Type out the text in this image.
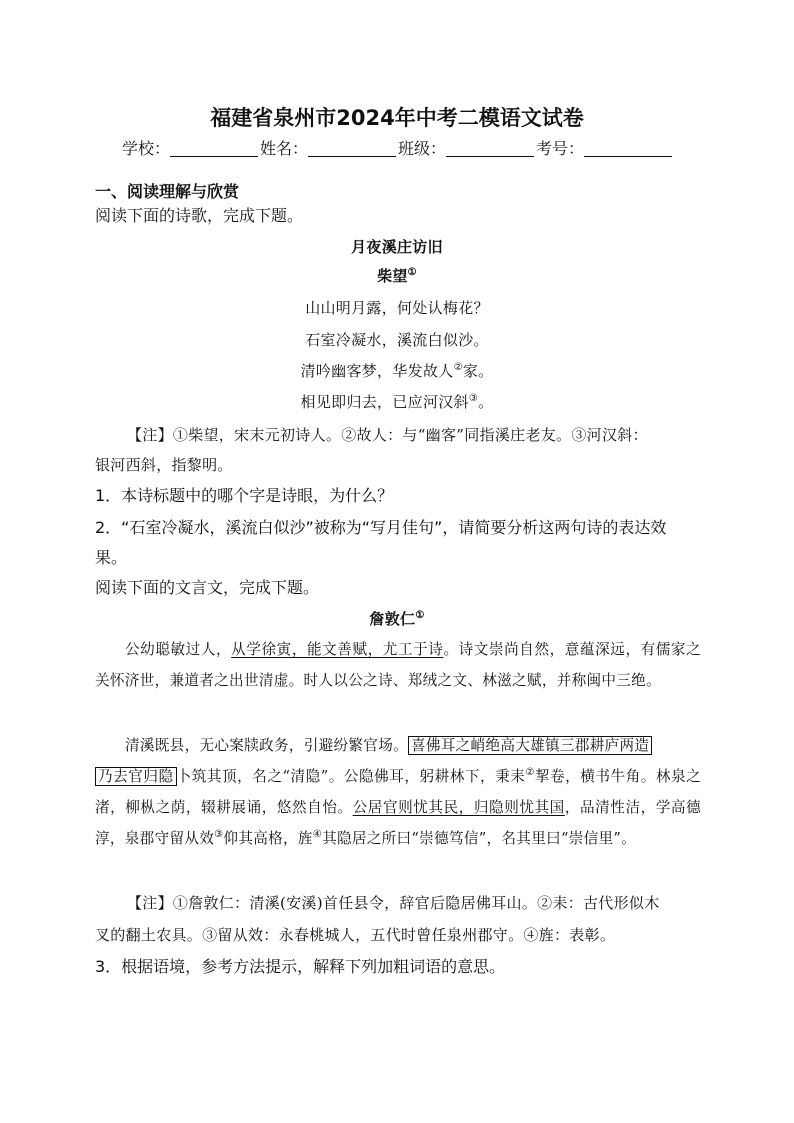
福建省泉州市2024年中考二模语文试卷
学校：	姓名：	班级：	考号：
一、阅读理解与欣赏
阅读下面的诗歌，完成下题。
月夜溪庄访旧
柴望①
山山明月露，何处认梅花？
石室冷凝水，溪流白似沙。
清吟幽客梦，华发故人②家。
相见即归去，已应河汉斜③。
【注】①柴望，宋末元初诗人。②故人：与“幽客”同指溪庄老友。③河汉斜：
银河西斜，指黎明。
1．本诗标题中的哪个字是诗眼，为什么？
2．“石室冷凝水，溪流白似沙”被称为“写月佳句”，请简要分析这两句诗的表达效
果。
阅读下面的文言文，完成下题。
詹敦仁①

公幼聪敏过人，从学徐寅，能文善赋，尤工于诗。诗文崇尚自然，意蕴深远，有儒家之关怀济世，兼道者之出世清虚。时人以公之诗、郑绒之文、林滋之赋，并称闽中三绝。

清溪既县，无心案牍政务，引避纷繁官场。 喜佛耳之峭绝高大雄镇三郡耕庐两造
乃去官归隐 卜筑其顶，名之“清隐”。公隐佛耳，躬耕林下，秉耒②挈卷，横书牛角。林泉之渚，柳枞之荫，辍耕展诵，悠然自怡。公居官则忧其民，归隐则忧其国，品清性洁，学高德淳，泉郡守留从效③仰其高格，旌④其隐居之所曰“崇德笃信”，名其里曰“崇信里”。

【注】①詹敦仁：清溪(安溪)首任县令，辞官后隐居佛耳山。②耒：古代形似木
叉的翻土农具。③留从效：永春桃城人，五代时曾任泉州郡守。④旌：表彰。
3．根据语境，参考方法提示，解释下列加粗词语的意思。
